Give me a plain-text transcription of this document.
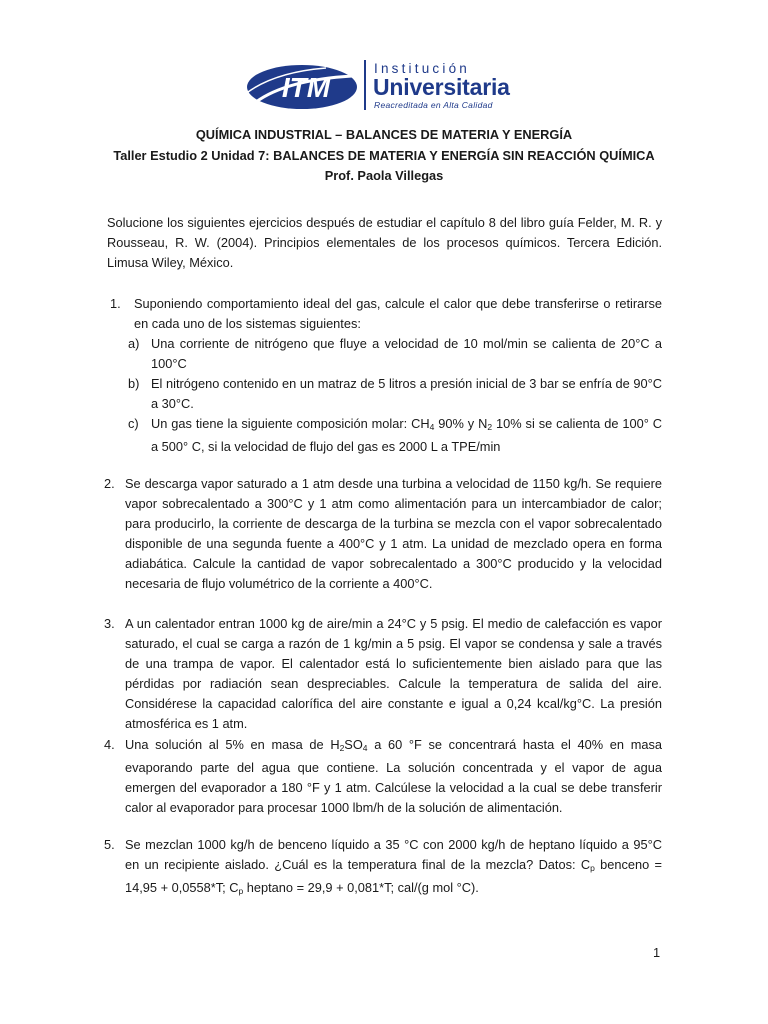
ITM
Institución
Universitaria
Reacreditada en Alta Calidad
QUÍMICA INDUSTRIAL – BALANCES DE MATERIA Y ENERGÍA
Taller Estudio 2 Unidad 7: BALANCES DE MATERIA Y ENERGÍA SIN REACCIÓN QUÍMICA
Prof. Paola Villegas
Solucione los siguientes ejercicios después de estudiar el capítulo 8 del libro guía Felder, M. R. y Rousseau, R. W. (2004). Principios elementales de los procesos químicos. Tercera Edición. Limusa Wiley, México.
1. Suponiendo comportamiento ideal del gas, calcule el calor que debe transferirse o retirarse en cada uno de los sistemas siguientes:
a) Una corriente de nitrógeno que fluye a velocidad de 10 mol/min se calienta de 20°C a 100°C
b) El nitrógeno contenido en un matraz de 5 litros a presión inicial de 3 bar se enfría de 90°C a 30°C.
c) Un gas tiene la siguiente composición molar: $CH_4$ 90% y $N_2$ 10% si se calienta de 100° C a 500° C, si la velocidad de flujo del gas es 2000 L a TPE/min
2. Se descarga vapor saturado a 1 atm desde una turbina a velocidad de 1150 kg/h. Se requiere vapor sobrecalentado a 300°C y 1 atm como alimentación para un intercambiador de calor; para producirlo, la corriente de descarga de la turbina se mezcla con el vapor sobrecalentado disponible de una segunda fuente a 400°C y 1 atm. La unidad de mezclado opera en forma adiabática. Calcule la cantidad de vapor sobrecalentado a 300°C producido y la velocidad necesaria de flujo volumétrico de la corriente a 400°C.
3. A un calentador entran 1000 kg de aire/min a 24°C y 5 psig. El medio de calefacción es vapor saturado, el cual se carga a razón de 1 kg/min a 5 psig. El vapor se condensa y sale a través de una trampa de vapor. El calentador está lo suficientemente bien aislado para que las pérdidas por radiación sean despreciables. Calcule la temperatura de salida del aire. Considérese la capacidad calorífica del aire constante e igual a 0,24 kcal/kg°C. La presión atmosférica es 1 atm.
4. Una solución al 5% en masa de $H_2SO_4$ a 60 °F se concentrará hasta el 40% en masa evaporando parte del agua que contiene. La solución concentrada y el vapor de agua emergen del evaporador a 180 °F y 1 atm. Calcúlese la velocidad a la cual se debe transferir calor al evaporador para procesar 1000 lbm/h de la solución de alimentación.
5. Se mezclan 1000 kg/h de benceno líquido a 35 °C con 2000 kg/h de heptano líquido a 95°C en un recipiente aislado. ¿Cuál es la temperatura final de la mezcla? Datos: $C_p$ benceno = 14,95 + 0,0558*T; $C_p$ heptano = 29,9 + 0,081*T; cal/(g mol °C).
1
